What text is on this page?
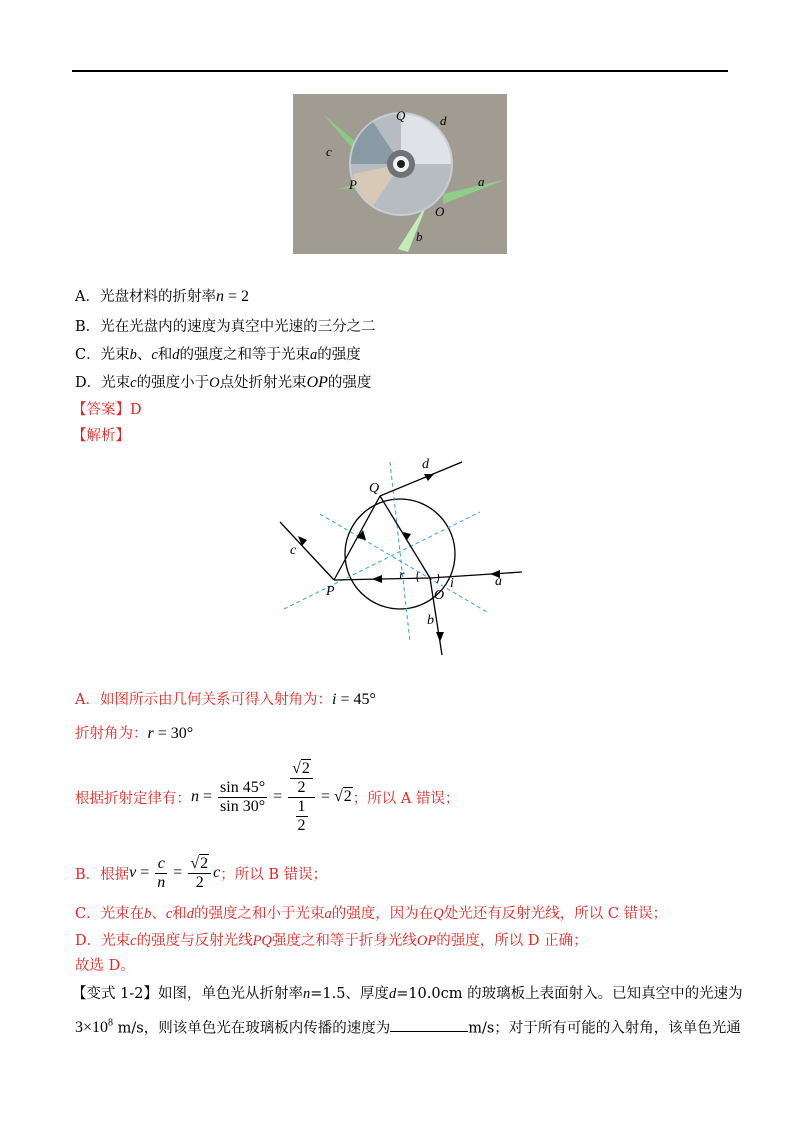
Q	d
c
P	a
O
b
A．光盘材料的折射率n = 2
B．光在光盘内的速度为真空中光速的三分之二
C．光束b、c和d的强度之和等于光束a的强度
D．光束c的强度小于O点处折射光束OP的强度
【答案】D
【解析】
Q
d
c
P
r
O
i	a
b
A．如图所示由几何关系可得入射角为：i = 45°
折射角为：r = 30°
根据折射定律有： $n = \frac{\sin 45^\circ}{\sin 30^\circ} = \frac{\frac{√2}{2}}{\frac{1}{2}} = √2$ ；所以 A 错误；
B．根据 $v = \frac{c}{n} = \frac{√2}{2}$ c ；所以 B 错误；
C．光束在b、c和d的强度之和小于光束a的强度，因为在Q处光还有反射光线，所以 C 错误；
D．光束c的强度与反射光线PQ强度之和等于折身光线OP的强度，所以 D 正确；
故选 D。
【变式 1-2】如图，单色光从折射率n=1.5、厚度d=10.0cm 的玻璃板上表面射入。已知真空中的光速为
$3\times 10^8$ m/s，则该单色光在玻璃板内传播的速度为	m/s；对于所有可能的入射角，该单色光通
